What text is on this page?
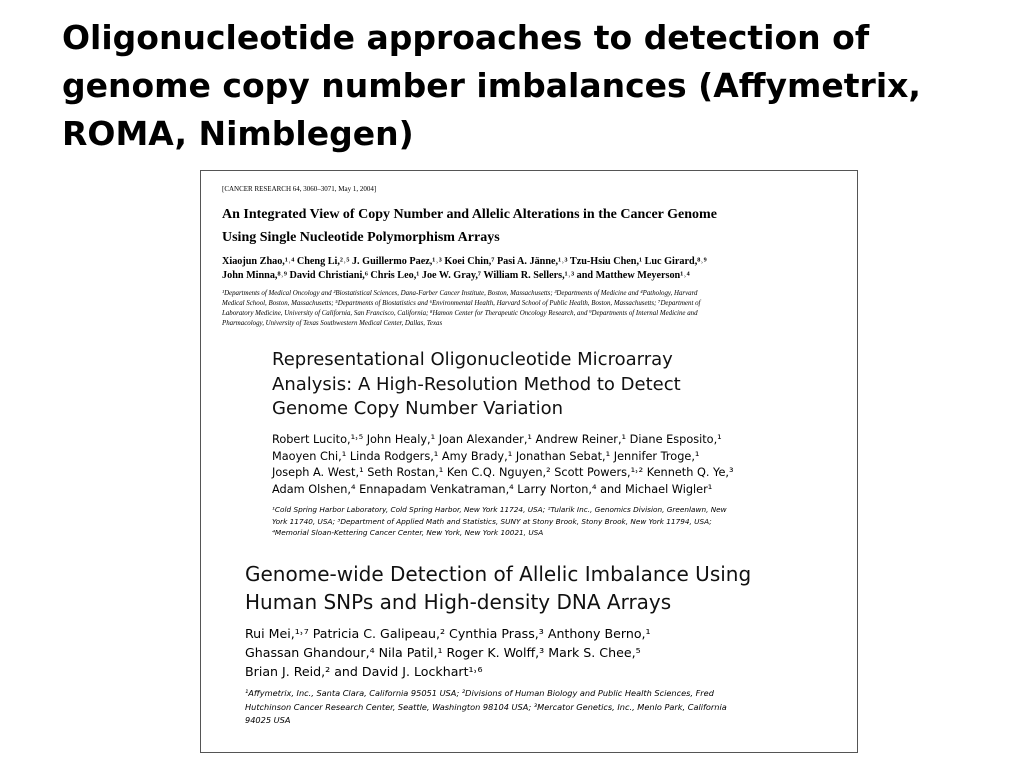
Oligonucleotide approaches to detection of
genome copy number imbalances (Affymetrix,
ROMA, Nimblegen)
[CANCER RESEARCH 64, 3060–3071, May 1, 2004]
An Integrated View of Copy Number and Allelic Alterations in the Cancer Genome
Using Single Nucleotide Polymorphism Arrays
Xiaojun Zhao,¹˒⁴ Cheng Li,²˒⁵ J. Guillermo Paez,¹˒³ Koei Chin,⁷ Pasi A. Jänne,¹˒³ Tzu-Hsiu Chen,¹ Luc Girard,⁸˒⁹
John Minna,⁸˒⁹ David Christiani,⁶ Chris Leo,¹ Joe W. Gray,⁷ William R. Sellers,¹˒³ and Matthew Meyerson¹˒⁴
¹Departments of Medical Oncology and ²Biostatistical Sciences, Dana-Farber Cancer Institute, Boston, Massachusetts; ³Departments of Medicine and ⁴Pathology, Harvard
Medical School, Boston, Massachusetts; ⁵Departments of Biostatistics and ⁶Environmental Health, Harvard School of Public Health, Boston, Massachusetts; ⁷Department of
Laboratory Medicine, University of California, San Francisco, California; ⁸Hamon Center for Therapeutic Oncology Research, and ⁹Departments of Internal Medicine and
Pharmacology, University of Texas Southwestern Medical Center, Dallas, Texas
Representational Oligonucleotide Microarray
Analysis: A High-Resolution Method to Detect
Genome Copy Number Variation
Robert Lucito,¹˒⁵ John Healy,¹ Joan Alexander,¹ Andrew Reiner,¹ Diane Esposito,¹
Maoyen Chi,¹ Linda Rodgers,¹ Amy Brady,¹ Jonathan Sebat,¹ Jennifer Troge,¹
Joseph A. West,¹ Seth Rostan,¹ Ken C.Q. Nguyen,² Scott Powers,¹˒² Kenneth Q. Ye,³
Adam Olshen,⁴ Ennapadam Venkatraman,⁴ Larry Norton,⁴ and Michael Wigler¹
¹Cold Spring Harbor Laboratory, Cold Spring Harbor, New York 11724, USA; ²Tularik Inc., Genomics Division, Greenlawn, New
York 11740, USA; ³Department of Applied Math and Statistics, SUNY at Stony Brook, Stony Brook, New York 11794, USA;
⁴Memorial Sloan-Kettering Cancer Center, New York, New York 10021, USA
Genome-wide Detection of Allelic Imbalance Using
Human SNPs and High-density DNA Arrays
Rui Mei,¹˒⁷ Patricia C. Galipeau,² Cynthia Prass,³ Anthony Berno,¹
Ghassan Ghandour,⁴ Nila Patil,¹ Roger K. Wolff,³ Mark S. Chee,⁵
Brian J. Reid,² and David J. Lockhart¹˒⁶
¹Affymetrix, Inc., Santa Clara, California 95051 USA; ²Divisions of Human Biology and Public Health Sciences, Fred
Hutchinson Cancer Research Center, Seattle, Washington 98104 USA; ³Mercator Genetics, Inc., Menlo Park, California
94025 USA
